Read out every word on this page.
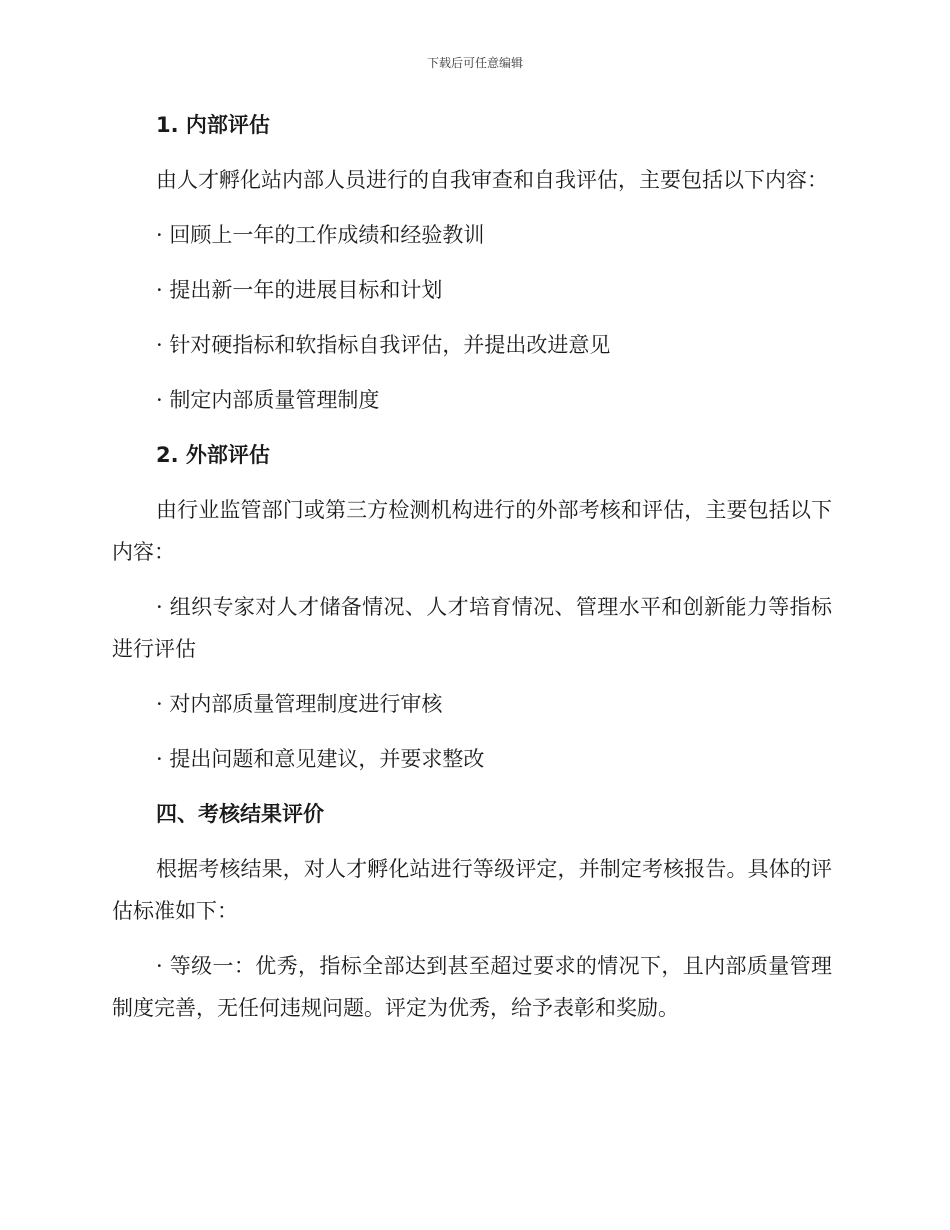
下载后可任意编辑
1. 内部评估
由人才孵化站内部人员进行的自我审查和自我评估，主要包括以下内容：
· 回顾上一年的工作成绩和经验教训
· 提出新一年的进展目标和计划
· 针对硬指标和软指标自我评估，并提出改进意见
· 制定内部质量管理制度
2. 外部评估
由行业监管部门或第三方检测机构进行的外部考核和评估，主要包括以下内容：
· 组织专家对人才储备情况、人才培育情况、管理水平和创新能力等指标进行评估
· 对内部质量管理制度进行审核
· 提出问题和意见建议，并要求整改
四、考核结果评价
根据考核结果，对人才孵化站进行等级评定，并制定考核报告。具体的评估标准如下：
· 等级一：优秀，指标全部达到甚至超过要求的情况下，且内部质量管理制度完善，无任何违规问题。评定为优秀，给予表彰和奖励。
